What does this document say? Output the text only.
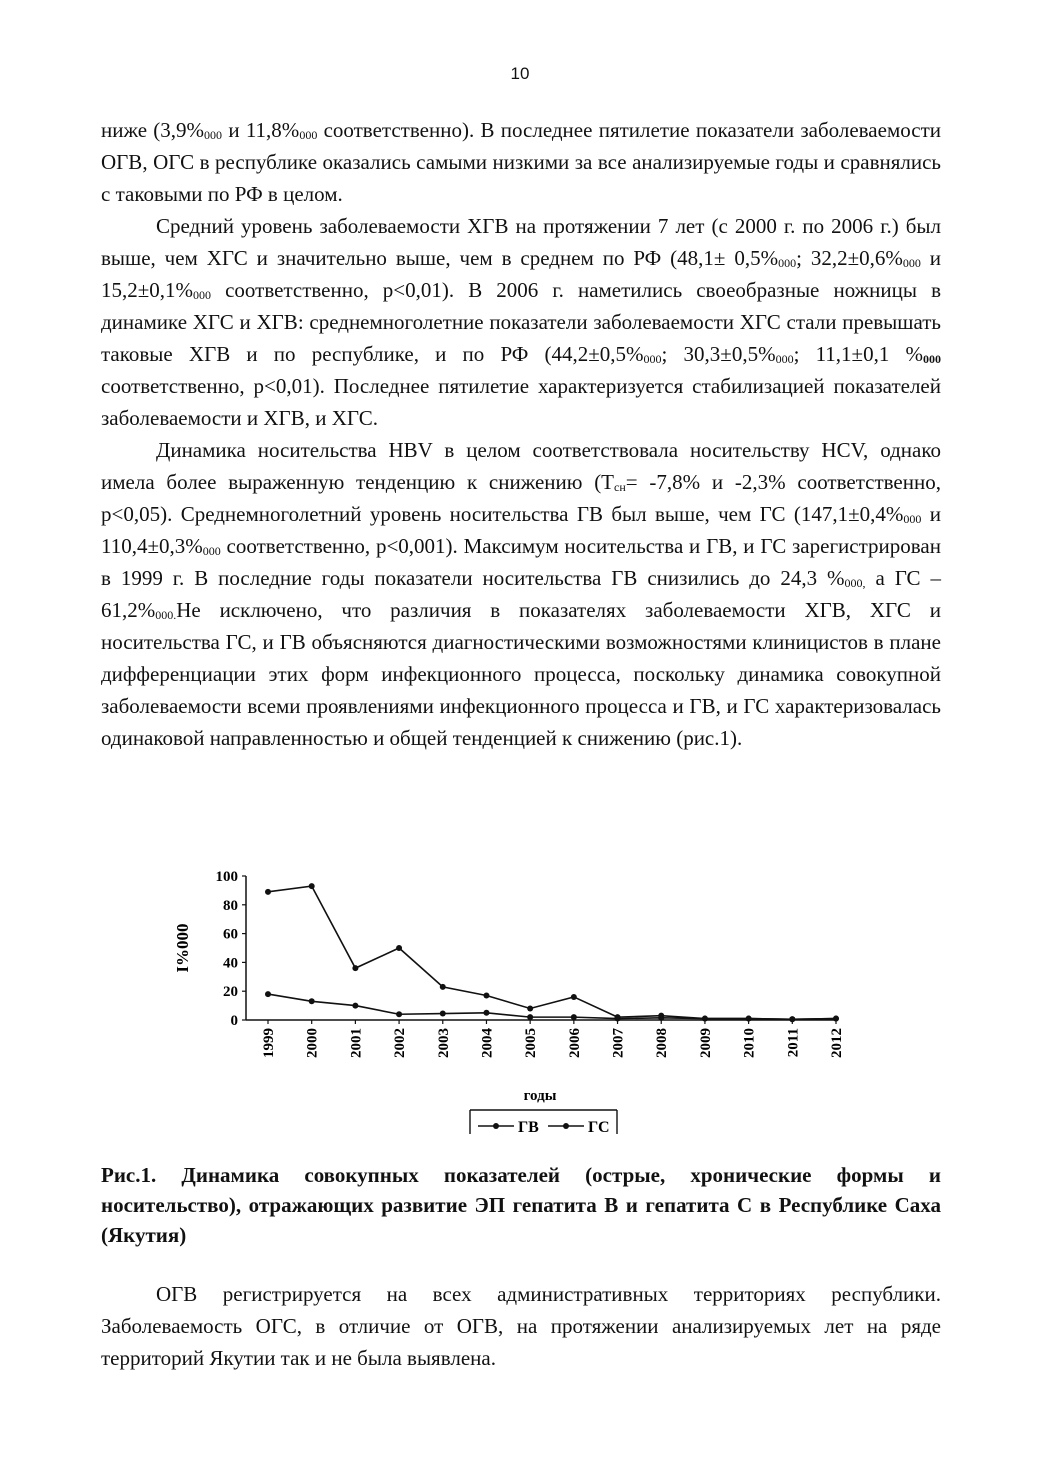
10

ниже ($3,9\%_{000}$ и $11,8\%_{000}$ соответственно). В последнее пятилетие показатели заболеваемости ОГВ, ОГС в республике оказались самыми низкими за все анализируемые годы и сравнялись с таковыми по РФ в целом.

Средний уровень заболеваемости ХГВ на протяжении 7 лет (с 2000 г. по 2006 г.) был выше, чем ХГС и значительно выше, чем в среднем по РФ ($48,1\pm 0,5\%_{000}$; $32,2\pm 0,6\%_{000}$ и $15,2\pm 0,1\%_{000}$ соответственно, р<0,01). В 2006 г. наметились своеобразные ножницы в динамике ХГС и ХГВ: среднемноголетние показатели заболеваемости ХГС стали превышать таковые ХГВ и по республике, и по РФ ($44,2\pm 0,5\%_{000}$; $30,3\pm 0,5\%_{000}$; 11,1±0,1 $\%_{000}$ соответственно, р<0,01). Последнее пятилетие характеризуется стабилизацией показателей заболеваемости и ХГВ, и ХГС.

Динамика носительства HBV в целом соответствовала носительству HCV, однако имела более выраженную тенденцию к снижению ($Т_{сн}= -7,8\%$ и -2,3% соответственно, р<0,05). Среднемноголетний уровень носительства ГВ был выше, чем ГС ($147,1\pm 0,4\%_{000}$ и $110,4\pm 0,3\%_{000}$ соответственно, р<0,001). Максимум носительства и ГВ, и ГС зарегистрирован в 1999 г. В последние годы показатели носительства ГВ снизились до 24,3 $\%_{000,}$ а ГС – $61,2\%_{000.}Не$ исключено, что различия в показателях заболеваемости ХГВ, ХГС и носительства ГС, и ГВ объясняются диагностическими возможностями клиницистов в плане дифференциации этих форм инфекционного процесса, поскольку динамика совокупной заболеваемости всеми проявлениями инфекционного процесса и ГВ, и ГС характеризовалась одинаковой направленностью и общей тенденцией к снижению (рис.1).

0
20
40
60
80
100
1999 2000 2001 2002 2003 2004 2005 2006 2007 2008 2009 2010 2011 2012
I%000
годы
ГВ	ГС
Рис.1. Динамика совокупных показателей (острые, хронические формы и носительство), отражающих развитие ЭП гепатита В и гепатита С в Республике Саха (Якутия)

ОГВ регистрируется на всех административных территориях республики. Заболеваемость ОГС, в отличие от ОГВ, на протяжении анализируемых лет на ряде территорий Якутии так и не была выявлена.
